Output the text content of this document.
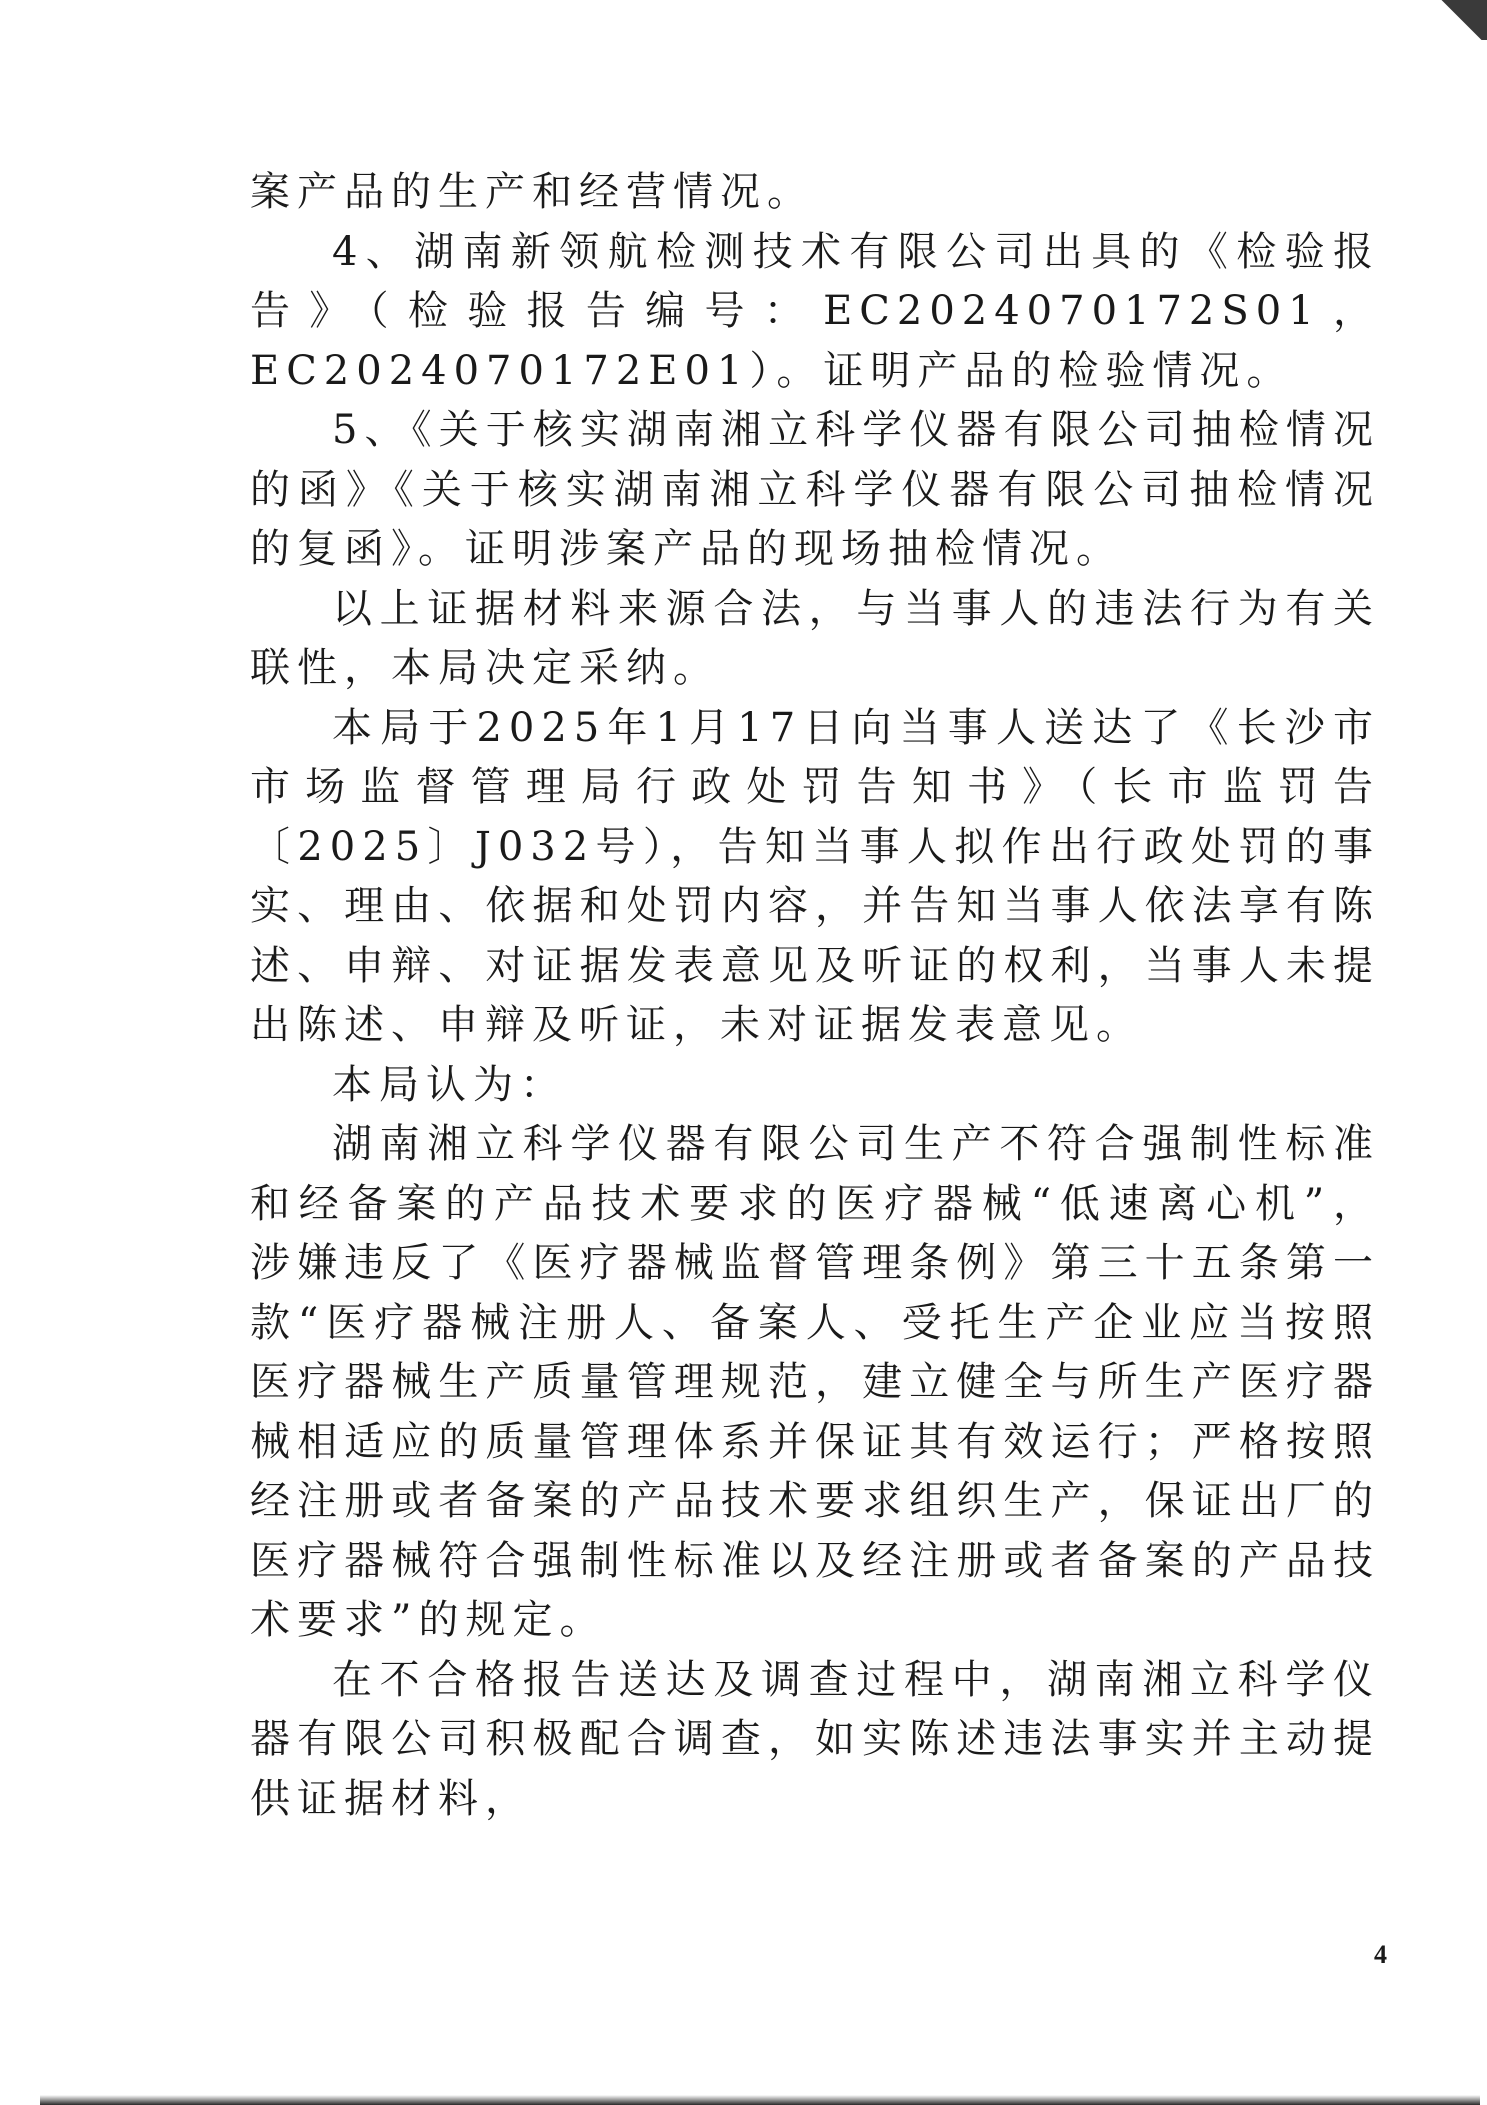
案产品的生产和经营情况。

4、湖南新领航检测技术有限公司出具的《检验报告》（检验报告编号：EC2024070172S01，EC2024070172E01）。证明产品的检验情况。

5、《关于核实湖南湘立科学仪器有限公司抽检情况的函》《关于核实湖南湘立科学仪器有限公司抽检情况的复函》。证明涉案产品的现场抽检情况。

以上证据材料来源合法，与当事人的违法行为有关联性，本局决定采纳。

本局于2025年1月17日向当事人送达了《长沙市市场监督管理局行政处罚告知书》（长市监罚告〔2025〕J032号），告知当事人拟作出行政处罚的事实、理由、依据和处罚内容，并告知当事人依法享有陈述、申辩、对证据发表意见及听证的权利，当事人未提出陈述、申辩及听证，未对证据发表意见。

本局认为：

湖南湘立科学仪器有限公司生产不符合强制性标准和经备案的产品技术要求的医疗器械“低速离心机”，涉嫌违反了《医疗器械监督管理条例》第三十五条第一款“医疗器械注册人、备案人、受托生产企业应当按照医疗器械生产质量管理规范，建立健全与所生产医疗器械相适应的质量管理体系并保证其有效运行；严格按照经注册或者备案的产品技术要求组织生产，保证出厂的医疗器械符合强制性标准以及经注册或者备案的产品技术要求”的规定。

在不合格报告送达及调查过程中，湖南湘立科学仪器有限公司积极配合调查，如实陈述违法事实并主动提供证据材料，

4
